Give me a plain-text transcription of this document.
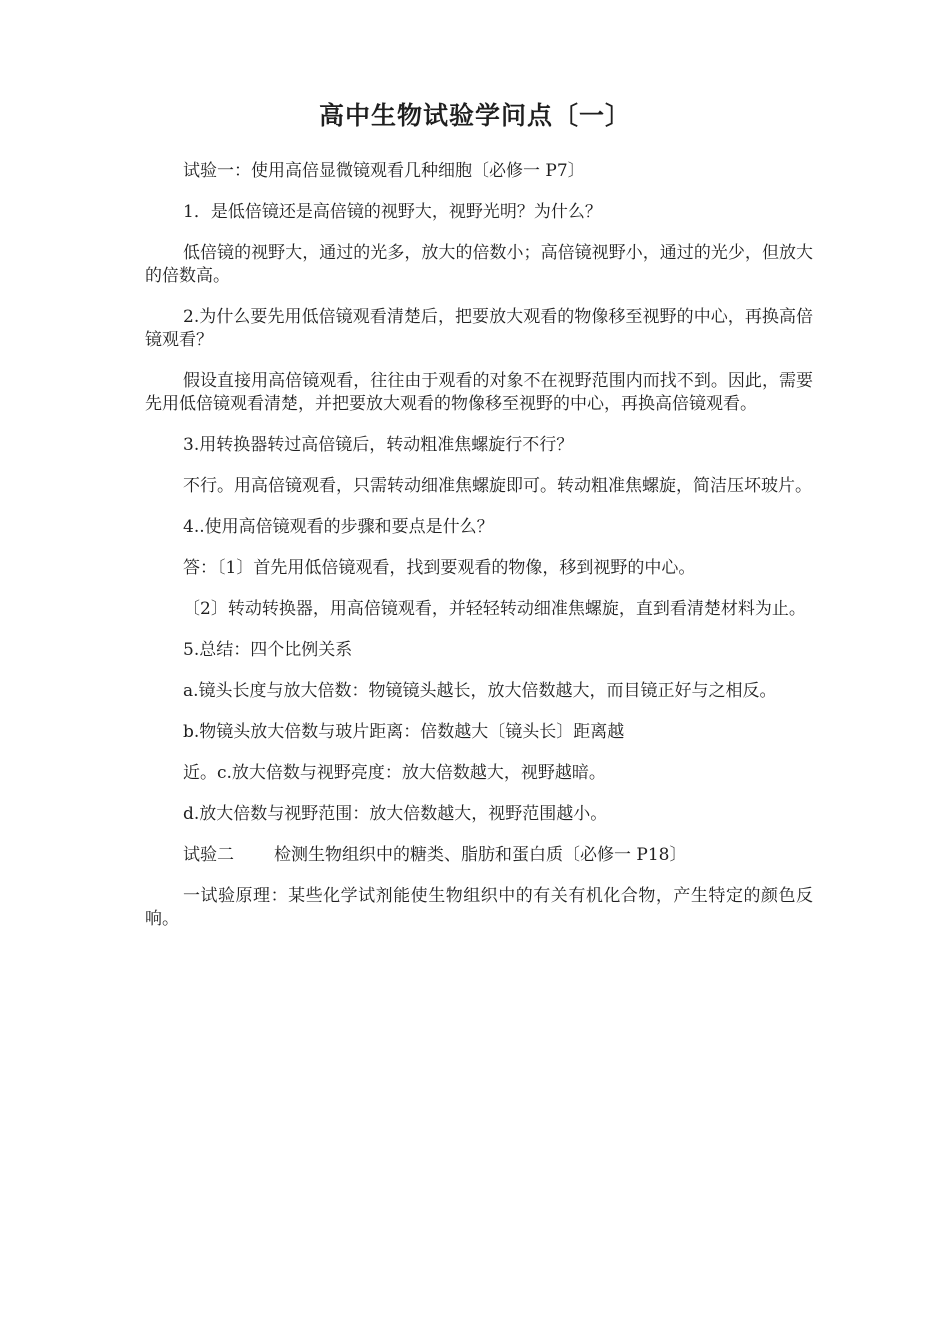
高中生物试验学问点〔一〕

试验一：使用高倍显微镜观看几种细胞〔必修一 P7〕

1．是低倍镜还是高倍镜的视野大，视野光明？为什么？

低倍镜的视野大，通过的光多，放大的倍数小；高倍镜视野小，通过的光少，但放大的倍数高。

2.为什么要先用低倍镜观看清楚后，把要放大观看的物像移至视野的中心，再换高倍镜观看？

假设直接用高倍镜观看，往往由于观看的对象不在视野范围内而找不到。因此，需要先用低倍镜观看清楚，并把要放大观看的物像移至视野的中心，再换高倍镜观看。

3.用转换器转过高倍镜后，转动粗准焦螺旋行不行？

不行。用高倍镜观看，只需转动细准焦螺旋即可。转动粗准焦螺旋，简洁压坏玻片。

4..使用高倍镜观看的步骤和要点是什么？

答：〔1〕首先用低倍镜观看，找到要观看的物像，移到视野的中心。

〔2〕转动转换器，用高倍镜观看，并轻轻转动细准焦螺旋，直到看清楚材料为止。

5.总结：四个比例关系

a.镜头长度与放大倍数：物镜镜头越长，放大倍数越大，而目镜正好与之相反。

b.物镜头放大倍数与玻片距离：倍数越大〔镜头长〕距离越

近。c.放大倍数与视野亮度：放大倍数越大，视野越暗。

d.放大倍数与视野范围：放大倍数越大，视野范围越小。

试验二 检测生物组织中的糖类、脂肪和蛋白质〔必修一 P18〕

一试验原理：某些化学试剂能使生物组织中的有关有机化合物，产生特定的颜色反响。
